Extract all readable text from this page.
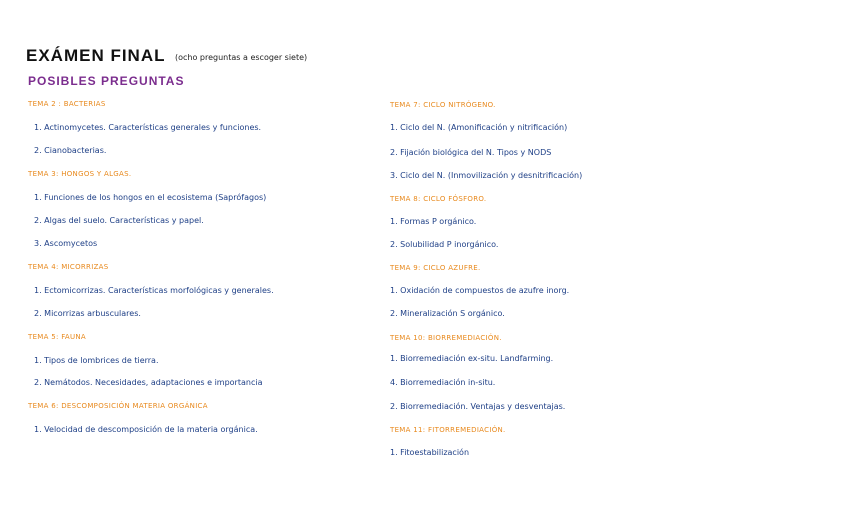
EXÁMEN FINAL (ocho preguntas a escoger siete)
POSIBLES PREGUNTAS
TEMA 2 : BACTERIAS
1. Actinomycetes. Características generales y funciones.
2. Cianobacterias.
TEMA 3: HONGOS Y ALGAS.
1. Funciones de los hongos en el ecosistema (Saprófagos)
2. Algas del suelo. Características y papel.
3. Ascomycetos
TEMA 4: MICORRIZAS
1. Ectomicorrizas. Características morfológicas y generales.
2. Micorrizas arbusculares.
TEMA 5: FAUNA
1. Tipos de lombrices de tierra.
2. Nemátodos. Necesidades, adaptaciones e importancia
TEMA 6: DESCOMPOSICIÓN MATERIA ORGÁNICA
1. Velocidad de descomposición de la materia orgánica.
TEMA 7: CICLO NITRÓGENO.
1. Ciclo del N. (Amonificación y nitrificación)
2. Fijación biológica del N. Tipos y NODS
3. Ciclo del N. (Inmovilización y desnitrificación)
TEMA 8: CICLO FÓSFORO.
1. Formas P orgánico.
2. Solubilidad P inorgánico.
TEMA 9: CICLO AZUFRE.
1. Oxidación de compuestos de azufre inorg.
2. Mineralización S orgánico.
TEMA 10: BIORREMEDIACIÓN.
1. Biorremediación ex-situ. Landfarming.
4. Biorremediación in-situ.
2. Biorremediación. Ventajas y desventajas.
TEMA 11: FITORREMEDIACIÓN.
1. Fitoestabilización
